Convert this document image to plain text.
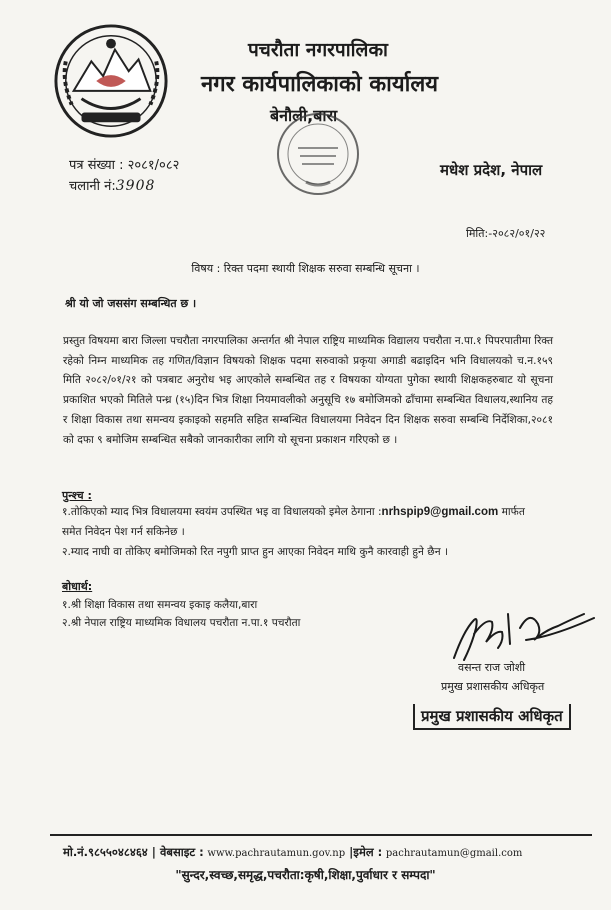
पचरौता नगरपालिका
नगर कार्यपालिकाको कार्यालय
बेनौली,बारा
पत्र संख्या : २०८१/०८२
चलानी नं:3908
मधेश प्रदेश, नेपाल
मिति:-२०८२/०१/२२
विषय : रिक्त पदमा स्थायी शिक्षक सरुवा सम्बन्धि सूचना ।
श्री यो जो जससंग सम्बन्धित छ ।
प्रस्तुत विषयमा बारा जिल्ला पचरौता नगरपालिका अन्तर्गत श्री नेपाल राष्ट्रिय माध्यमिक विद्यालय पचरौता न.पा.१ पिपरपातीमा रिक्त रहेको निम्न माध्यमिक तह गणित/विज्ञान विषयको शिक्षक पदमा सरुवाको प्रकृया अगाडी बढाइदिन भनि विधालयको च.न.१५९ मिति २०८२/०१/२१ को पत्रबाट अनुरोध भइ आएकोले सम्बन्धित तह र विषयका योग्यता पुगेका स्थायी शिक्षकहरुबाट यो सूचना प्रकाशित भएको मितिले पन्ध्र (१५)दिन भित्र शिक्षा नियमावलीको अनुसूचि १७ बमोजिमको ढाँचामा सम्बन्धित विधालय,स्थानिय तह र शिक्षा विकास तथा समन्वय इकाइको सहमति सहित सम्बन्धित विधालयमा निवेदन दिन शिक्षक सरुवा सम्बन्धि निर्देशिका,२०८१ को दफा ९ बमोजिम सम्बन्धित सबैको जानकारीका लागि यो सूचना प्रकाशन गरिएको छ ।
पुन्श्च :
१.तोकिएको म्याद भित्र विधालयमा स्वयंम उपस्थित भइ वा विधालयको इमेल ठेगाना :nrhspip9@gmail.com मार्फत
समेत निवेदन पेश गर्न सकिनेछ ।
२.म्याद नाघी वा तोकिए बमोजिमको रित नपुगी प्राप्त हुन आएका निवेदन माथि कुनै कारवाही हुने छैन ।
बोधार्थ:
१.श्री शिक्षा विकास तथा समन्वय इकाइ कलैया,बारा
२.श्री नेपाल राष्ट्रिय माध्यमिक विधालय पचरौता न.पा.१ पचरौता
वसन्त राज जोशी
प्रमुख प्रशासकीय अधिकृत
प्रमुख प्रशासकीय अधिकृत
मो.नं.९८५५०४८४६४ | वेबसाइट : www.pachrautamun.gov.np |इमेल : pachrautamun@gmail.com
"सुन्दर,स्वच्छ,समृद्ध,पचरौता:कृषी,शिक्षा,पुर्वाधार र सम्पदा"
